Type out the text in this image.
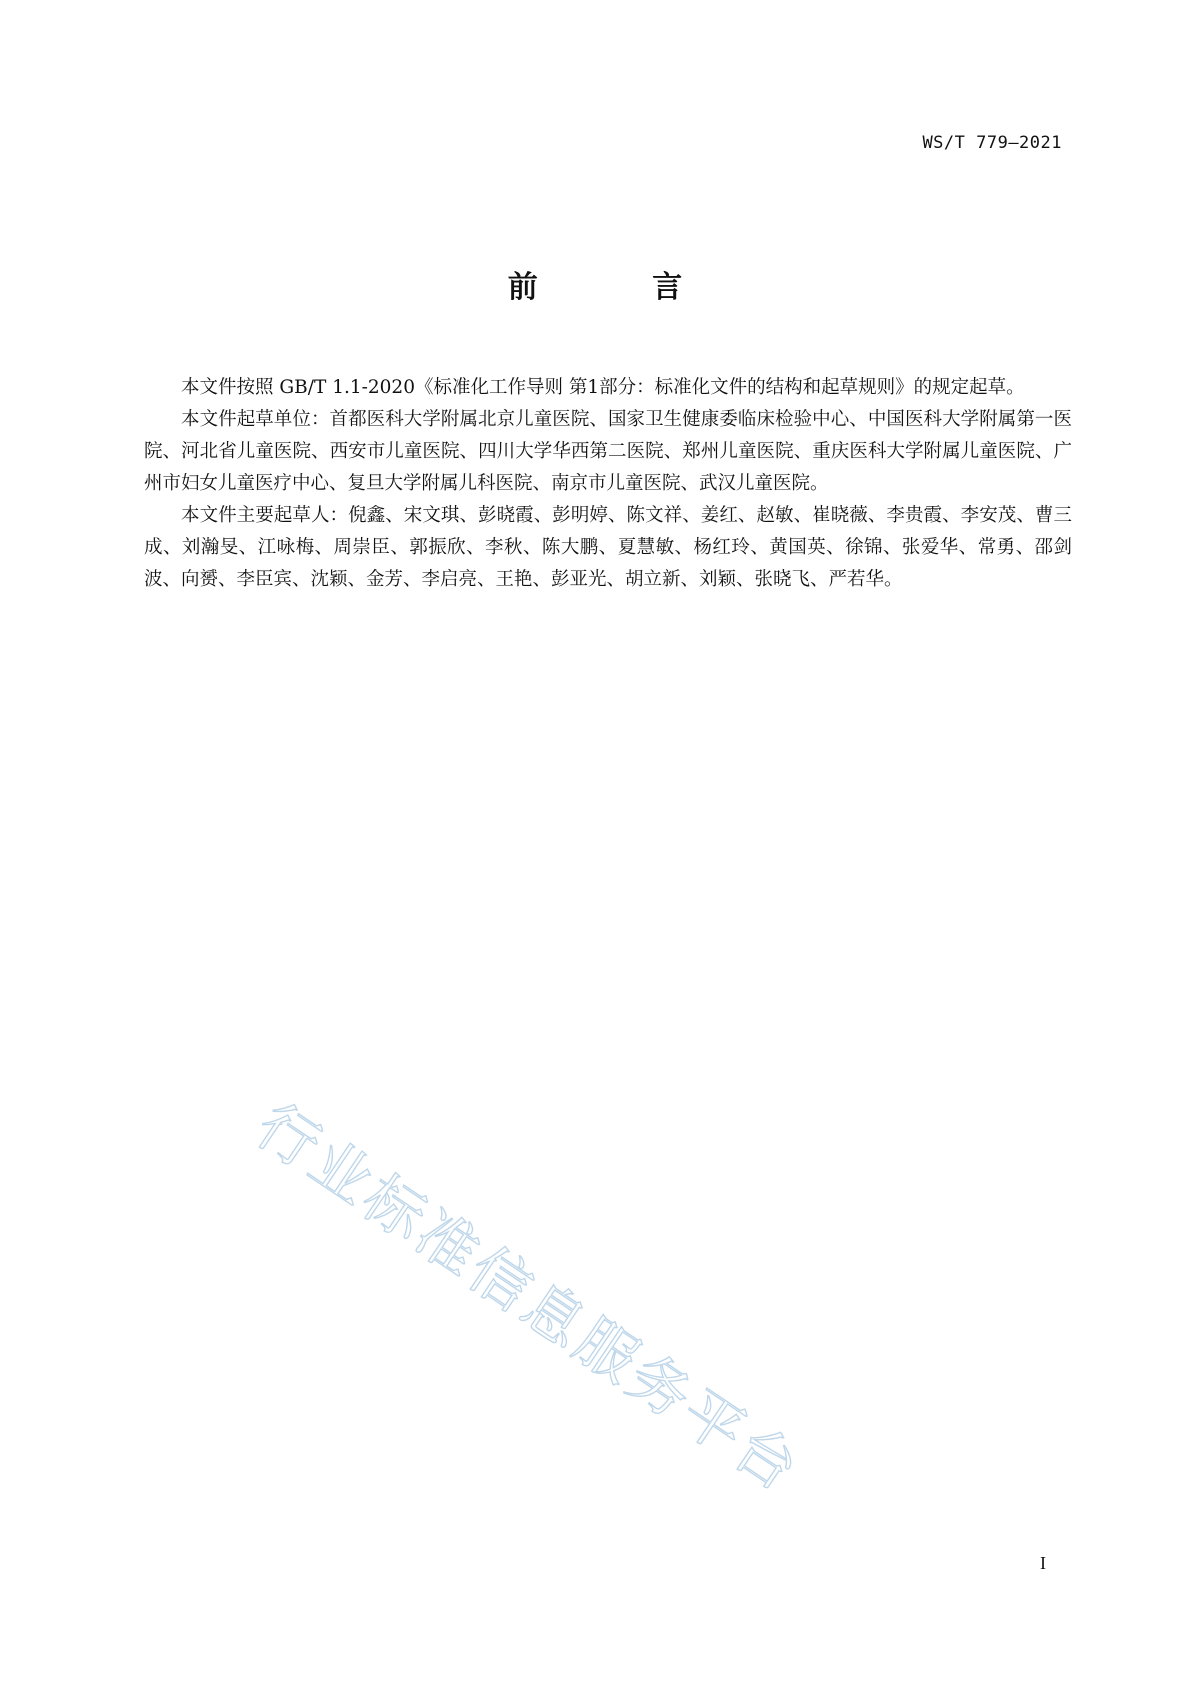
WS/T 779—2021
前 言

本文件按照 GB/T 1.1-2020《标准化工作导则 第1部分：标准化文件的结构和起草规则》的规定起草。

本文件起草单位：首都医科大学附属北京儿童医院、国家卫生健康委临床检验中心、中国医科大学附属第一医院、河北省儿童医院、西安市儿童医院、四川大学华西第二医院、郑州儿童医院、重庆医科大学附属儿童医院、广州市妇女儿童医疗中心、复旦大学附属儿科医院、南京市儿童医院、武汉儿童医院。

本文件主要起草人：倪鑫、宋文琪、彭晓霞、彭明婷、陈文祥、姜红、赵敏、崔晓薇、李贵霞、李安茂、曹三成、刘瀚旻、江咏梅、周崇臣、郭振欣、李秋、陈大鹏、夏慧敏、杨红玲、黄国英、徐锦、张爱华、常勇、邵剑波、向赟、李臣宾、沈颖、金芳、李启亮、王艳、彭亚光、胡立新、刘颖、张晓飞、严若华。

行业标准信息服务平台
I
